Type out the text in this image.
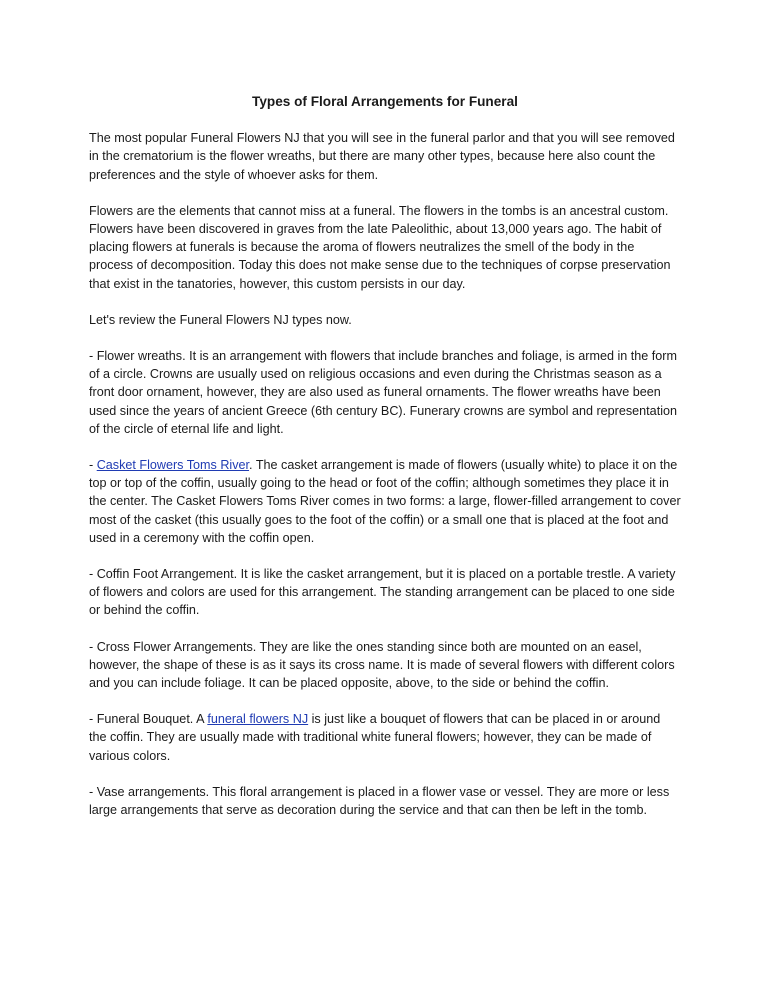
Types of Floral Arrangements for Funeral

The most popular Funeral Flowers NJ that you will see in the funeral parlor and that you will see removed in the crematorium is the flower wreaths, but there are many other types, because here also count the preferences and the style of whoever asks for them.

Flowers are the elements that cannot miss at a funeral. The flowers in the tombs is an ancestral custom. Flowers have been discovered in graves from the late Paleolithic, about 13,000 years ago. The habit of placing flowers at funerals is because the aroma of flowers neutralizes the smell of the body in the process of decomposition. Today this does not make sense due to the techniques of corpse preservation that exist in the tanatories, however, this custom persists in our day.

Let's review the Funeral Flowers NJ types now.

- Flower wreaths. It is an arrangement with flowers that include branches and foliage, is armed in the form of a circle. Crowns are usually used on religious occasions and even during the Christmas season as a front door ornament, however, they are also used as funeral ornaments. The flower wreaths have been used since the years of ancient Greece (6th century BC). Funerary crowns are symbol and representation of the circle of eternal life and light.

- Casket Flowers Toms River. The casket arrangement is made of flowers (usually white) to place it on the top or top of the coffin, usually going to the head or foot of the coffin; although sometimes they place it in the center. The Casket Flowers Toms River comes in two forms: a large, flower-filled arrangement to cover most of the casket (this usually goes to the foot of the coffin) or a small one that is placed at the foot and used in a ceremony with the coffin open.

- Coffin Foot Arrangement. It is like the casket arrangement, but it is placed on a portable trestle. A variety of flowers and colors are used for this arrangement. The standing arrangement can be placed to one side or behind the coffin.

- Cross Flower Arrangements. They are like the ones standing since both are mounted on an easel, however, the shape of these is as it says its cross name. It is made of several flowers with different colors and you can include foliage. It can be placed opposite, above, to the side or behind the coffin.

- Funeral Bouquet. A funeral flowers NJ is just like a bouquet of flowers that can be placed in or around the coffin. They are usually made with traditional white funeral flowers; however, they can be made of various colors.

- Vase arrangements. This floral arrangement is placed in a flower vase or vessel. They are more or less large arrangements that serve as decoration during the service and that can then be left in the tomb.
